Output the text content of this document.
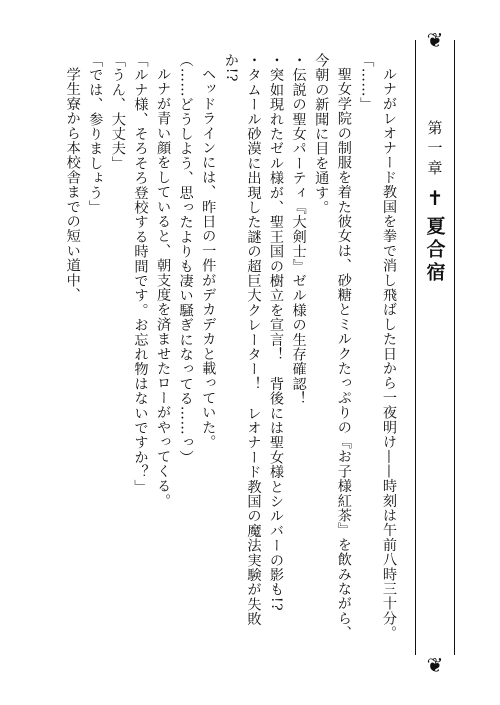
❦
❦
第一章
✝
夏合宿
ルナがレオナード教国を拳で消し飛ばした日から一夜明け——時刻は午前八時三十分。
「……」
聖女学院の制服を着た彼女は、砂糖とミルクたっぷりの『お子様紅茶』を飲みながら、
今朝の新聞に目を通す。
・伝説の聖女パーティ『大剣士』ゼル様の生存確認！
・突如現れたゼル様が、聖王国の樹立を宣言！　背後には聖女様とシルバーの影も!?
・タムール砂漠に出現した謎の超巨大クレーター！　レオナード教国の魔法実験が失敗
か!?
ヘッドラインには、昨日の一件がデカデカと載っていた。
（……どうしよう、思ったよりも凄い騒ぎになってる……っ）
ルナが青い顔をしていると、朝支度を済ませたローがやってくる。
「ルナ様、そろそろ登校する時間です。お忘れ物はないですか？」
「うん、大丈夫」
「では、参りましょう」
学生寮から本校舎までの短い道中、
